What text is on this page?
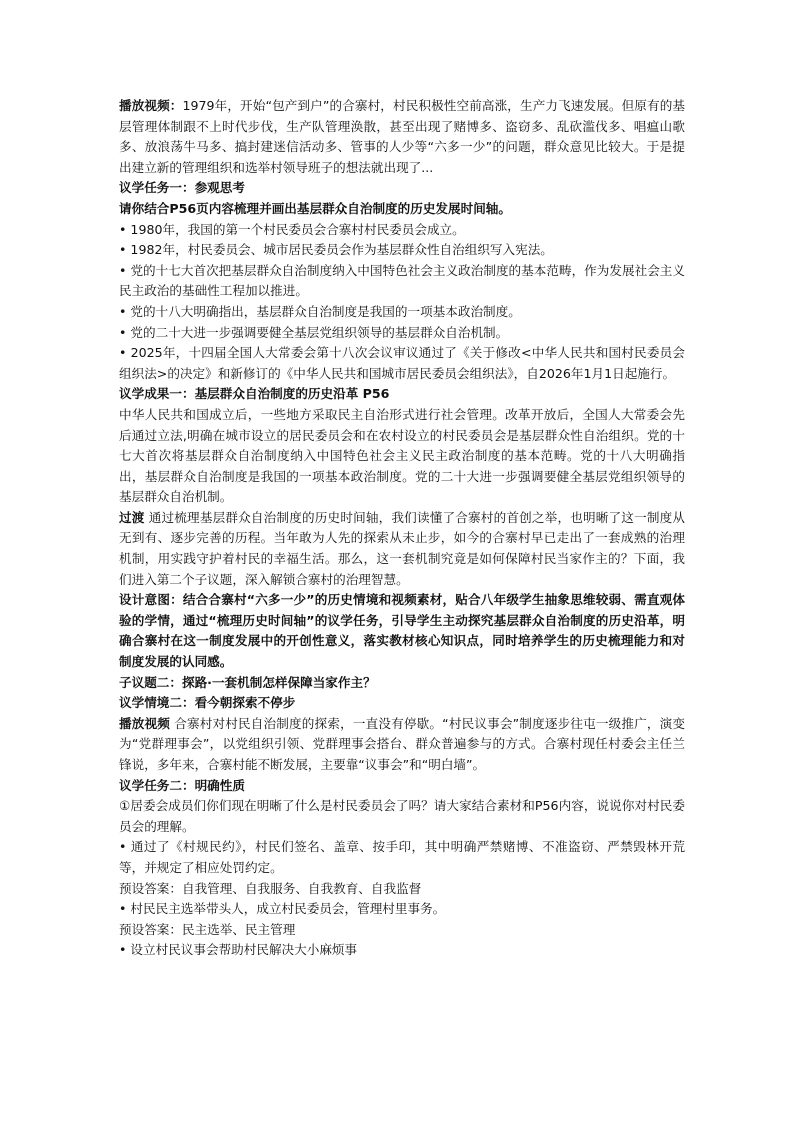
播放视频：1979年，开始“包产到户”的合寨村，村民积极性空前高涨，生产力飞速发展。但原有的基层管理体制跟不上时代步伐，生产队管理涣散，甚至出现了赌博多、盗窃多、乱砍滥伐多、唱瘟山歌多、放浪荡牛马多、搞封建迷信活动多、管事的人少等“六多一少”的问题，群众意见比较大。于是提出建立新的管理组织和选举村领导班子的想法就出现了...

议学任务一：参观思考

请你结合P56页内容梳理并画出基层群众自治制度的历史发展时间轴。

• 1980年，我国的第一个村民委员会合寨村村民委员会成立。

• 1982年，村民委员会、城市居民委员会作为基层群众性自治组织写入宪法。

• 党的十七大首次把基层群众自治制度纳入中国特色社会主义政治制度的基本范畴，作为发展社会主义民主政治的基础性工程加以推进。

• 党的十八大明确指出，基层群众自治制度是我国的一项基本政治制度。

• 党的二十大进一步强调要健全基层党组织领导的基层群众自治机制。

• 2025年，十四届全国人大常委会第十八次会议审议通过了《关于修改<中华人民共和国村民委员会组织法>的决定》和新修订的《中华人民共和国城市居民委员会组织法》，自2026年1月1日起施行。

议学成果一：基层群众自治制度的历史沿革 P56

中华人民共和国成立后，一些地方采取民主自治形式进行社会管理。改革开放后，全国人大常委会先后通过立法,明确在城市设立的居民委员会和在农村设立的村民委员会是基层群众性自治组织。党的十七大首次将基层群众自治制度纳入中国特色社会主义民主政治制度的基本范畴。党的十八大明确指出，基层群众自治制度是我国的一项基本政治制度。党的二十大进一步强调要健全基层党组织领导的基层群众自治机制。

过渡 通过梳理基层群众自治制度的历史时间轴，我们读懂了合寨村的首创之举，也明晰了这一制度从无到有、逐步完善的历程。当年敢为人先的探索从未止步，如今的合寨村早已走出了一套成熟的治理机制，用实践守护着村民的幸福生活。那么，这一套机制究竟是如何保障村民当家作主的？下面，我们进入第二个子议题，深入解锁合寨村的治理智慧。

设计意图：结合合寨村“六多一少”的历史情境和视频素材，贴合八年级学生抽象思维较弱、需直观体验的学情，通过“梳理历史时间轴”的议学任务，引导学生主动探究基层群众自治制度的历史沿革，明确合寨村在这一制度发展中的开创性意义，落实教材核心知识点，同时培养学生的历史梳理能力和对制度发展的认同感。

子议题二：探路·一套机制怎样保障当家作主？

议学情境二：看今朝探索不停步

播放视频 合寨村对村民自治制度的探索，一直没有停歇。“村民议事会”制度逐步往屯一级推广，演变为“党群理事会”，以党组织引领、党群理事会搭台、群众普遍参与的方式。合寨村现任村委会主任兰锋说，多年来，合寨村能不断发展，主要靠“议事会”和“明白墙”。

议学任务二：明确性质

①居委会成员们你们现在明晰了什么是村民委员会了吗？请大家结合素材和P56内容，说说你对村民委员会的理解。

• 通过了《村规民约》，村民们签名、盖章、按手印，其中明确严禁赌博、不准盗窃、严禁毁林开荒等，并规定了相应处罚约定。

预设答案：自我管理、自我服务、自我教育、自我监督

• 村民民主选举带头人，成立村民委员会，管理村里事务。

预设答案：民主选举、民主管理

• 设立村民议事会帮助村民解决大小麻烦事
